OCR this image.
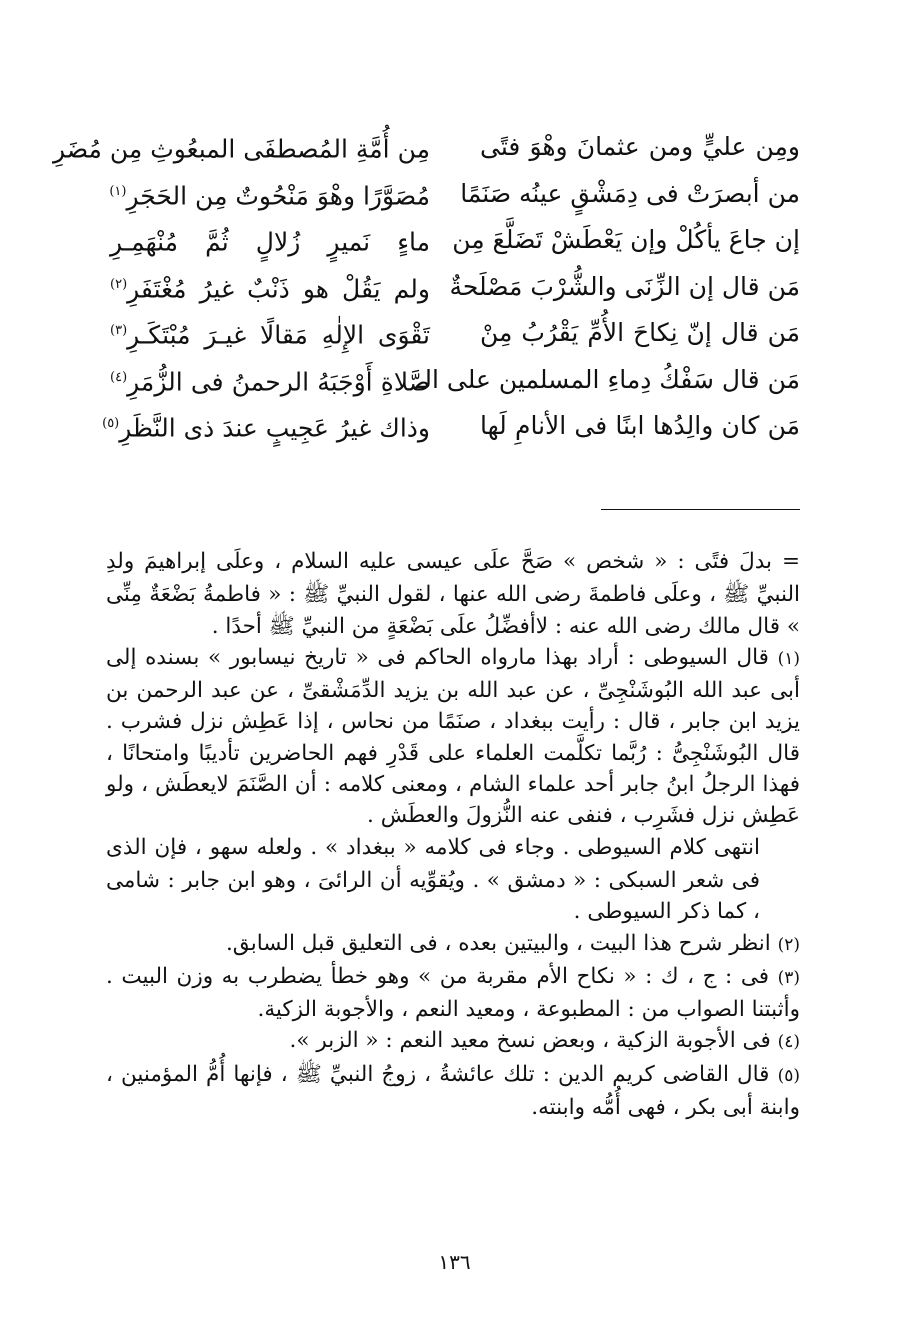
ومِن عليٍّ ومن عثمانَ وهْوَ فتًى
مِن أُمَّةِ المُصطفَى المبعُوثِ مِن مُضَرِ
من أبصرَتْ فى دِمَشْقٍ عينُه صَنَمًا
مُصَوَّرًا وهْوَ مَنْحُوتٌ مِن الحَجَرِ$^{(١)}$
إن جاعَ يأكُلْ وإن يَعْطَشْ تَضَلَّعَ مِن
ماءٍ نَميرٍ زُلالٍ ثُمَّ مُنْهَمِـرِ
مَن قال إن الزِّنَى والشُّرْبَ مَصْلَحةٌ
ولم يَقُلْ هو ذَنْبٌ غيرُ مُغْتَفَرِ$^{(٢)}$
مَن قال إنّ نِكاحَ الأُمِّ يَقْرُبُ مِنْ
تَقْوَى الإِلٰهِ مَقالًا غيـرَ مُبْتَكَـرِ$^{(٣)}$
مَن قال سَفْكُ دِماءِ المسلمين على الـ
صَّلاةِ أَوْجَبَهُ الرحمنُ فى الزُّمَرِ$^{(٤)}$
مَن كان والِدُها ابنًا فى الأنامِ لَها
وذاك غيرُ عَجِيبٍ عندَ ذى النَّظَرِ$^{(٥)}$

= بدلَ فتًى : « شخص » صَحَّ علَى عيسى عليه السلام ، وعلَى إبراهيمَ ولدِ النبيِّ ﷺ ، وعلَى فاطمةَ رضى الله عنها ، لقول النبيِّ ﷺ : « فاطمةُ بَضْعَةٌ مِنِّى » قال مالك رضى الله عنه : لاأفضِّلُ علَى بَضْعَةٍ من النبيِّ ﷺ أحدًا .

(١) قال السيوطى : أراد بهذا مارواه الحاكم فى « تاريخ نيسابور » بسنده إلى أبى عبد الله البُوشَنْجِىِّ ، عن عبد الله بن يزيد الدِّمَشْقىِّ ، عن عبد الرحمن بن يزيد ابن جابر ، قال : رأيت ببغداد ، صنَمًا من نحاس ، إذا عَطِش نزل فشرب . قال البُوشَنْجِىُّ : رُبَّما تكلَّمت العلماء على قَدْرِ فهم الحاضرين تأديبًا وامتحانًا ، فهذا الرجلُ ابنُ جابر أحد علماء الشام ، ومعنى كلامه : أن الصَّنَمَ لايعطَش ، ولو عَطِش نزل فشَرِب ، فنفى عنه النُّزولَ والعطَش .

انتهى كلام السيوطى . وجاء فى كلامه « ببغداد » . ولعله سهو ، فإن الذى فى شعر السبكى : « دمشق » . ويُقوِّيه أن الرائىَ ، وهو ابن جابر : شامى ، كما ذكر السيوطى .

(٢) انظر شرح هذا البيت ، والبيتين بعده ، فى التعليق قبل السابق.

(٣) فى : ج ، ك : « نكاح الأم مقربة من » وهو خطأ يضطرب به وزن البيت . وأثبتنا الصواب من : المطبوعة ، ومعيد النعم ، والأجوبة الزكية.

(٤) فى الأجوبة الزكية ، وبعض نسخ معيد النعم : « الزبر ».

(٥) قال القاضى كريم الدين : تلك عائشةُ ، زوجُ النبيِّ ﷺ ، فإنها أُمُّ المؤمنين ، وابنة أبى بكر ، فهى أُمُّه وابنته.

١٣٦
